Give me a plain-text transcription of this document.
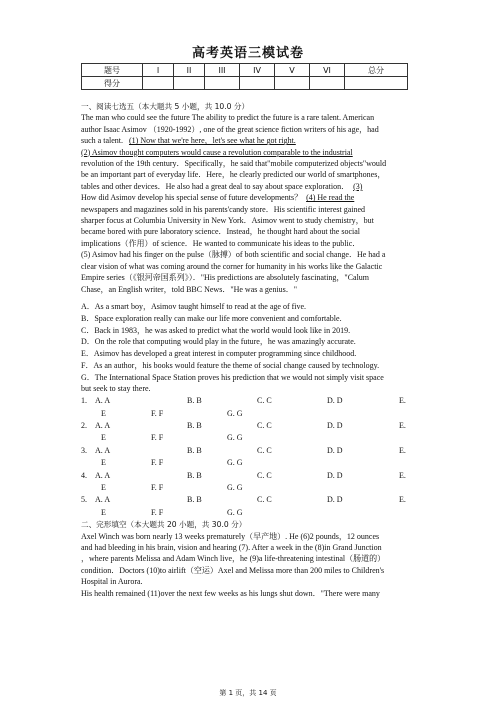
高考英语三模试卷
题号	I	II	III	IV	V	VI	总分
得分							
一、阅读七选五（本大题共 5 小题，共 10.0 分）
The man who could see the future The ability to predict the future is a rare talent. American
author Isaac Asimov （1920-1992）, one of the great science fiction writers of his age，had
such a talent. (1) Now that we're here，let's see what he got right.
(2) Asimov thought computers would cause a revolution comparable to the industrial
revolution of the 19th century．Specifically，he said that"mobile computerized objects"would
be an important part of everyday life．Here，he clearly predicted our world of smartphones，
tables and other devices．He also had a great deal to say about space exploration． (3)
How did Asimov develop his special sense of future developments？ (4) He read the
newspapers and magazines sold in his parents'candy store．His scientific interest gained
sharper focus at Columbia University in New York．Asimov went to study chemistry，but
became bored with pure laboratory science．Instead，he thought hard about the social
implications（作用）of science．He wanted to communicate his ideas to the public．
(5) Asimov had his finger on the pulse（脉搏）of both scientific and social change．He had a
clear vision of what was coming around the corner for humanity in his works like the Galactic
Empire series（《银河帝国系列》）．"His predictions are absolutely fascinating，"Calum
Chase，an English writer，told BBC News．"He was a genius．"
A．As a smart boy，Asimov taught himself to read at the age of five.
B．Space exploration really can make our life more convenient and comfortable.
C．Back in 1983，he was asked to predict what the world would look like in 2019.
D．On the role that computing would play in the future，he was amazingly accurate.
E．Asimov has developed a great interest in computer programming since childhood.
F．As an author，his books would feature the theme of social change caused by technology.
G．The International Space Station proves his prediction that we would not simply visit space
but seek to stay there.
1. A. A	B. B	C. C	D. D	E.
E	F. F	G. G
2. A. A	B. B	C. C	D. D	E.
E	F. F	G. G
3. A. A	B. B	C. C	D. D	E.
E	F. F	G. G
4. A. A	B. B	C. C	D. D	E.
E	F. F	G. G
5. A. A	B. B	C. C	D. D	E.
E	F. F	G. G
二、完形填空（本大题共 20 小题，共 30.0 分）
Axel Winch was born nearly 13 weeks prematurely（早产地）. He (6)2 pounds，12 ounces
and had bleeding in his brain, vision and hearing (7). After a week in the (8)in Grand Junction
，where parents Melissa and Adam Winch live，he (9)a life-threatening intestinal（肠道的）
condition．Doctors (10)to airlift（空运）Axel and Melissa more than 200 miles to Children's
Hospital in Aurora.
His health remained (11)over the next few weeks as his lungs shut down．"There were many
第 1 页，共 14 页
